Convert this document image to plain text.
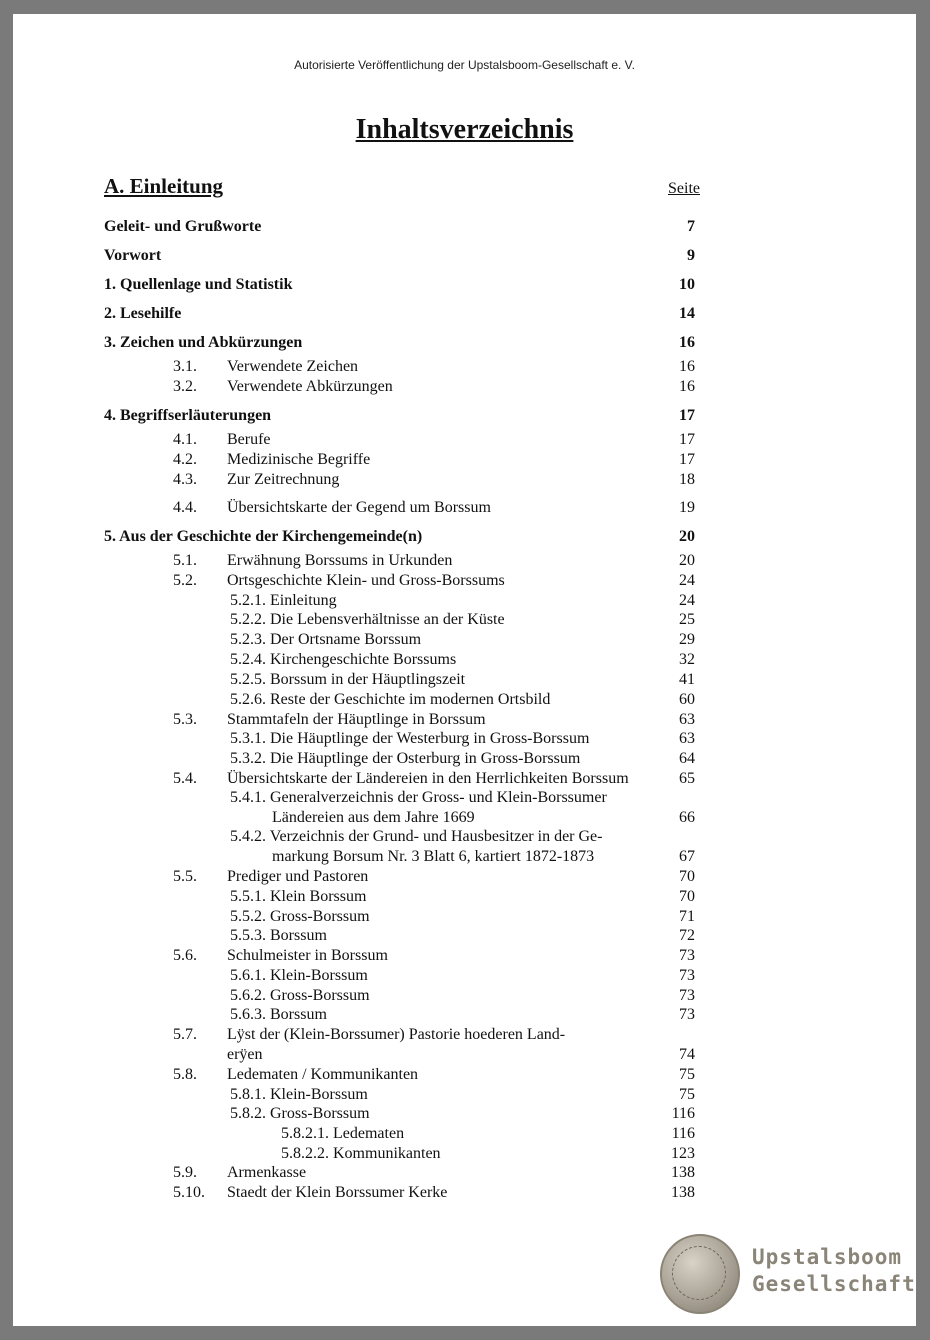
Autorisierte Veröffentlichung der Upstalsboom-Gesellschaft e. V.
Inhaltsverzeichnis
A. Einleitung	Seite
Geleit- und Grußworte	7
Vorwort	9
1. Quellenlage und Statistik	10
2. Lesehilfe	14
3. Zeichen und Abkürzungen	16
3.1. Verwendete Zeichen	16
3.2. Verwendete Abkürzungen	16
4. Begriffserläuterungen	17
4.1. Berufe	17
4.2. Medizinische Begriffe	17
4.3. Zur Zeitrechnung	18
4.4. Übersichtskarte der Gegend um Borssum	19
5. Aus der Geschichte der Kirchengemeinde(n)	20
5.1. Erwähnung Borssums in Urkunden	20
5.2. Ortsgeschichte Klein- und Gross-Borssums	24
5.2.1. Einleitung	24
5.2.2. Die Lebensverhältnisse an der Küste	25
5.2.3. Der Ortsname Borssum	29
5.2.4. Kirchengeschichte Borssums	32
5.2.5. Borssum in der Häuptlingszeit	41
5.2.6. Reste der Geschichte im modernen Ortsbild	60
5.3. Stammtafeln der Häuptlinge in Borssum	63
5.3.1. Die Häuptlinge der Westerburg in Gross-Borssum	63
5.3.2. Die Häuptlinge der Osterburg in Gross-Borssum	64
5.4. Übersichtskarte der Ländereien in den Herrlichkeiten Borssum	65
5.4.1. Generalverzeichnis der Gross- und Klein-Borssumer
Ländereien aus dem Jahre 1669	66
5.4.2. Verzeichnis der Grund- und Hausbesitzer in der Ge-
markung Borsum Nr. 3 Blatt 6, kartiert 1872-1873	67
5.5. Prediger und Pastoren	70
5.5.1. Klein Borssum	70
5.5.2. Gross-Borssum	71
5.5.3. Borssum	72
5.6. Schulmeister in Borssum	73
5.6.1. Klein-Borssum	73
5.6.2. Gross-Borssum	73
5.6.3. Borssum	73
5.7. Lÿst der (Klein-Borssumer) Pastorie hoederen Land-
erÿen	74
5.8. Ledematen / Kommunikanten	75
5.8.1. Klein-Borssum	75
5.8.2. Gross-Borssum	116
5.8.2.1. Ledematen	116
5.8.2.2. Kommunikanten	123
5.9. Armenkasse	138
5.10. Staedt der Klein Borssumer Kerke	138
Upstalsboom
Gesellschaft
